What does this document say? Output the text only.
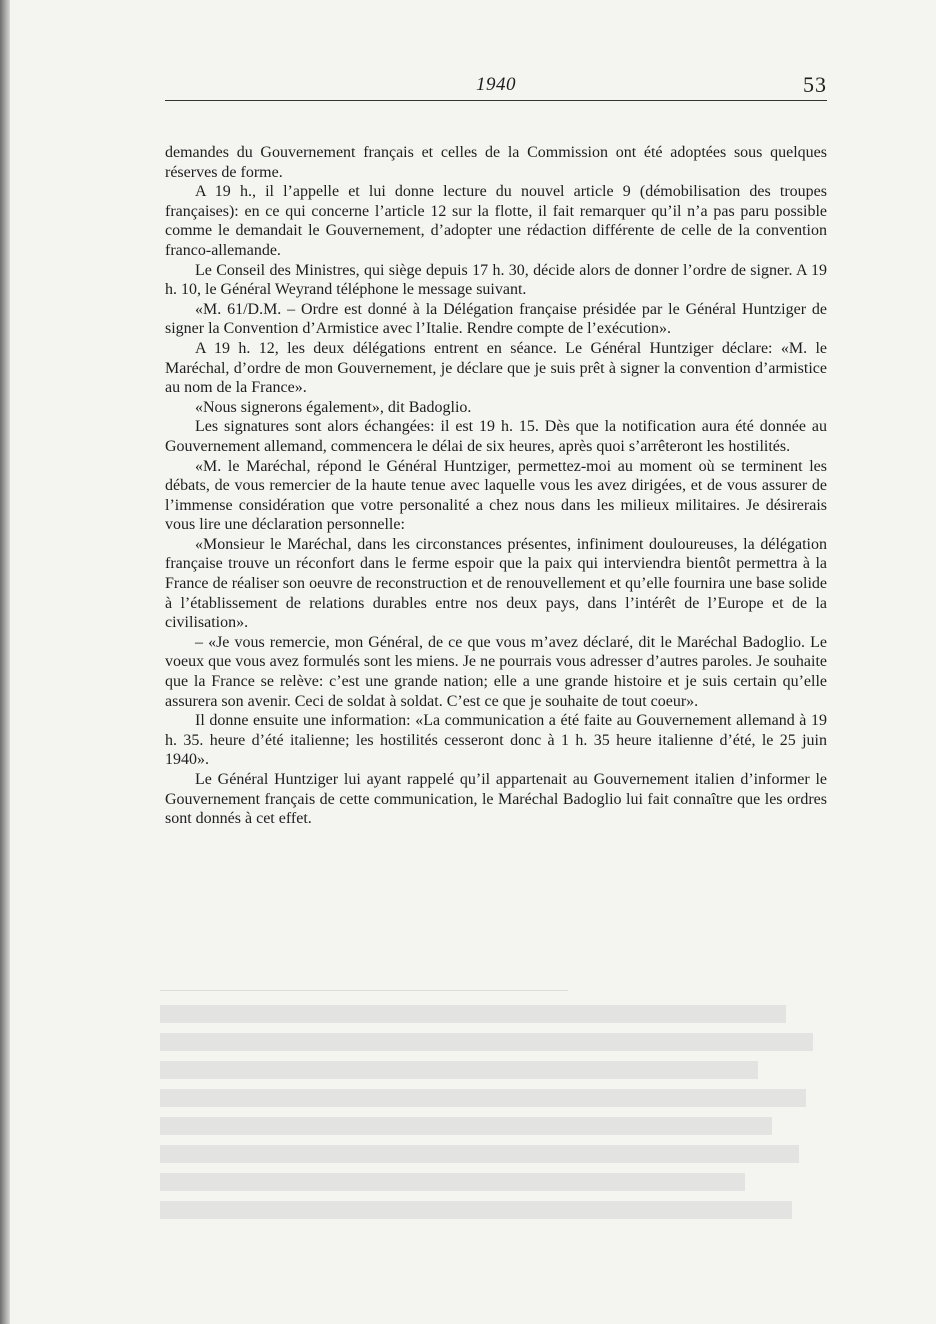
1940	53

demandes du Gouvernement français et celles de la Commission ont été adoptées sous quelques réserves de forme.

A 19 h., il l’appelle et lui donne lecture du nouvel article 9 (démobilisation des troupes françaises): en ce qui concerne l’article 12 sur la flotte, il fait remarquer qu’il n’a pas paru possible comme le demandait le Gouvernement, d’adopter une rédaction différente de celle de la convention franco-allemande.

Le Conseil des Ministres, qui siège depuis 17 h. 30, décide alors de donner l’ordre de signer. A 19 h. 10, le Général Weyrand téléphone le message suivant.

«M. 61/D.M. – Ordre est donné à la Délégation française présidée par le Général Huntziger de signer la Convention d’Armistice avec l’Italie. Rendre compte de l’exécution».

A 19 h. 12, les deux délégations entrent en séance. Le Général Huntziger déclare: «M. le Maréchal, d’ordre de mon Gouvernement, je déclare que je suis prêt à signer la convention d’armistice au nom de la France».

«Nous signerons également», dit Badoglio.

Les signatures sont alors échangées: il est 19 h. 15. Dès que la notification aura été donnée au Gouvernement allemand, commencera le délai de six heures, après quoi s’arrêteront les hostilités.

«M. le Maréchal, répond le Général Huntziger, permettez-moi au moment où se terminent les débats, de vous remercier de la haute tenue avec laquelle vous les avez dirigées, et de vous assurer de l’immense considération que votre personalité a chez nous dans les milieux militaires. Je désirerais vous lire une déclaration personnelle:

«Monsieur le Maréchal, dans les circonstances présentes, infiniment douloureuses, la délégation française trouve un réconfort dans le ferme espoir que la paix qui interviendra bientôt permettra à la France de réaliser son oeuvre de reconstruction et de renouvellement et qu’elle fournira une base solide à l’établissement de relations durables entre nos deux pays, dans l’intérêt de l’Europe et de la civilisation».

– «Je vous remercie, mon Général, de ce que vous m’avez déclaré, dit le Maréchal Badoglio. Le voeux que vous avez formulés sont les miens. Je ne pourrais vous adresser d’autres paroles. Je souhaite que la France se relève: c’est une grande nation; elle a une grande histoire et je suis certain qu’elle assurera son avenir. Ceci de soldat à soldat. C’est ce que je souhaite de tout coeur».

Il donne ensuite une information: «La communication a été faite au Gouvernement allemand à 19 h. 35. heure d’été italienne; les hostilités cesseront donc à 1 h. 35 heure italienne d’été, le 25 juin 1940».

Le Général Huntziger lui ayant rappelé qu’il appartenait au Gouvernement italien d’informer le Gouvernement français de cette communication, le Maréchal Badoglio lui fait connaître que les ordres sont donnés à cet effet.
